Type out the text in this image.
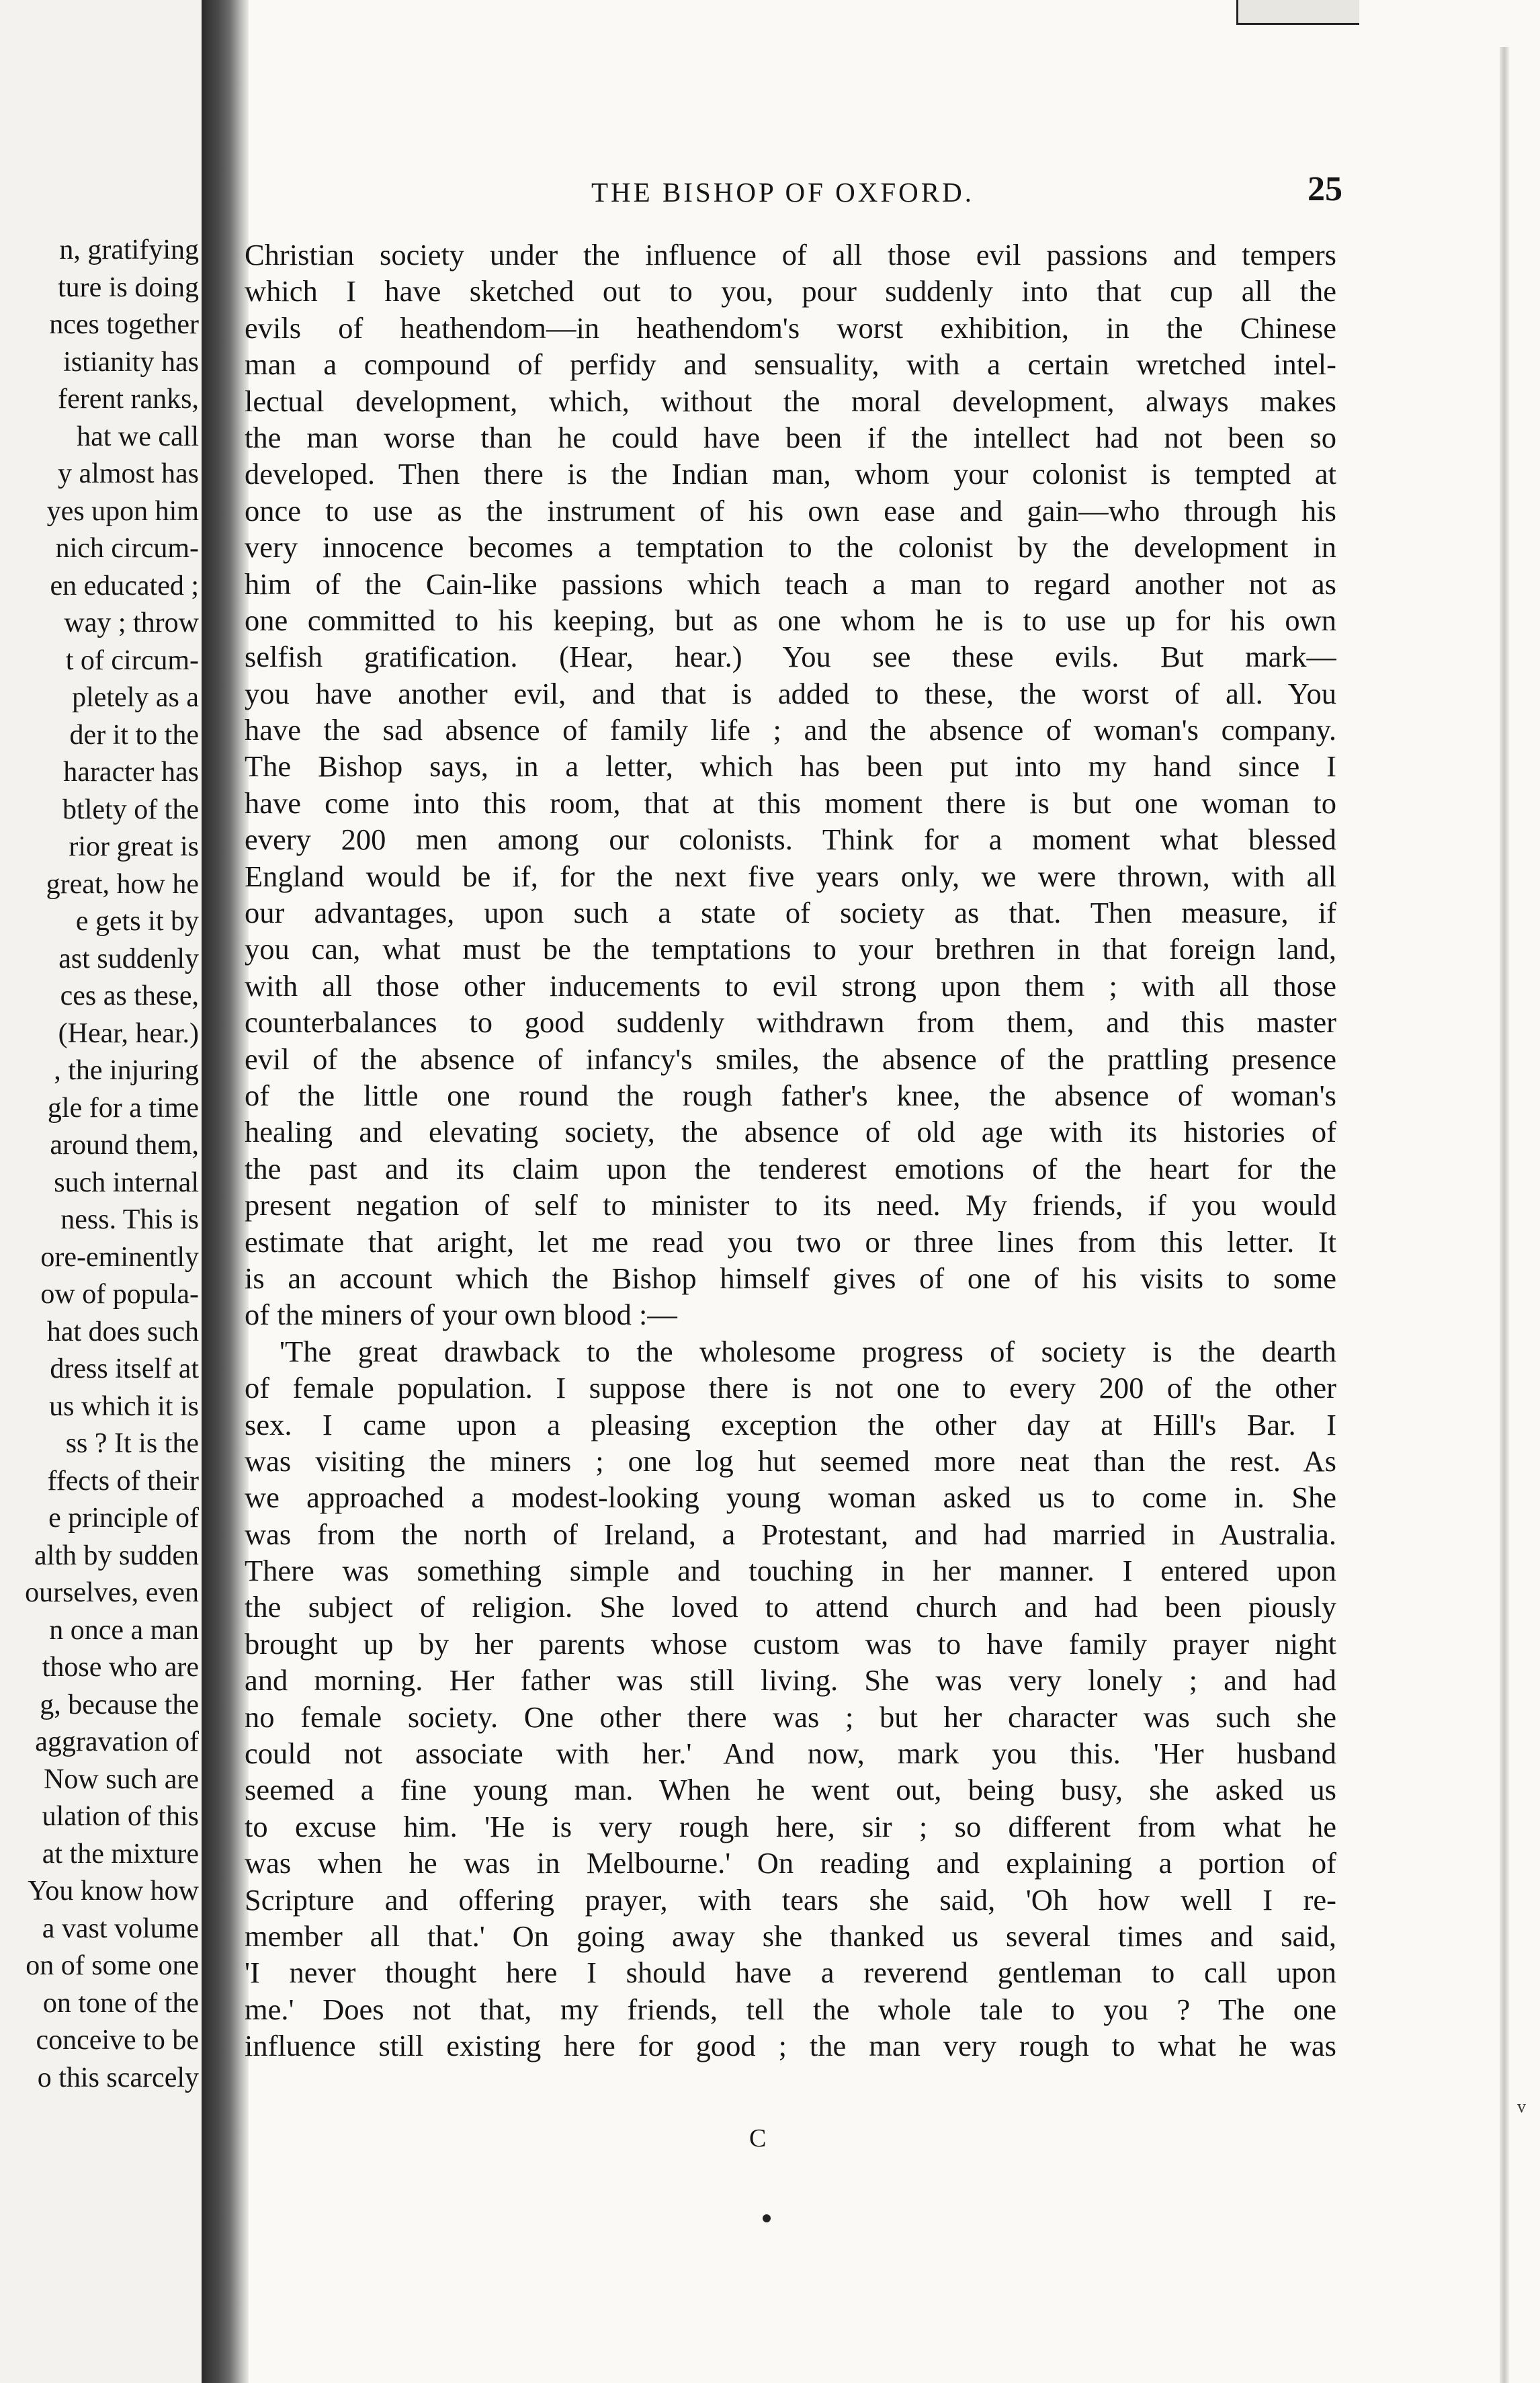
n, gratifying
ture is doing
nces together
istianity has
ferent ranks,
hat we call
y almost has
yes upon him
nich circum-
en educated ;
way ; throw
t of circum-
pletely as a
der it to the
haracter has
btlety of the
rior great is
great, how he
e gets it by
ast suddenly
ces as these,
(Hear, hear.)
, the injuring
gle for a time
around them,
such internal
ness. This is
ore-eminently
ow of popula-
hat does such
dress itself at
us which it is
ss ? It is the
ffects of their
e principle of
alth by sudden
ourselves, even
n once a man
those who are
g, because the
aggravation of
Now such are
ulation of this
at the mixture
You know how
a vast volume
on of some one
on tone of the
conceive to be
o this scarcely
THE BISHOP OF OXFORD.	25
Christian society under the influence of all those evil passions and tempers
which I have sketched out to you, pour suddenly into that cup all the
evils of heathendom—in heathendom's worst exhibition, in the Chinese
man a compound of perfidy and sensuality, with a certain wretched intel-
lectual development, which, without the moral development, always makes
the man worse than he could have been if the intellect had not been so
developed. Then there is the Indian man, whom your colonist is tempted at
once to use as the instrument of his own ease and gain—who through his
very innocence becomes a temptation to the colonist by the development in
him of the Cain-like passions which teach a man to regard another not as
one committed to his keeping, but as one whom he is to use up for his own
selfish gratification. (Hear, hear.) You see these evils. But mark—
you have another evil, and that is added to these, the worst of all. You
have the sad absence of family life ; and the absence of woman's company.
The Bishop says, in a letter, which has been put into my hand since I
have come into this room, that at this moment there is but one woman to
every 200 men among our colonists. Think for a moment what blessed
England would be if, for the next five years only, we were thrown, with all
our advantages, upon such a state of society as that. Then measure, if
you can, what must be the temptations to your brethren in that foreign land,
with all those other inducements to evil strong upon them ; with all those
counterbalances to good suddenly withdrawn from them, and this master
evil of the absence of infancy's smiles, the absence of the prattling presence
of the little one round the rough father's knee, the absence of woman's
healing and elevating society, the absence of old age with its histories of
the past and its claim upon the tenderest emotions of the heart for the
present negation of self to minister to its need. My friends, if you would
estimate that aright, let me read you two or three lines from this letter. It
is an account which the Bishop himself gives of one of his visits to some
of the miners of your own blood :—
'The great drawback to the wholesome progress of society is the dearth
of female population. I suppose there is not one to every 200 of the other
sex. I came upon a pleasing exception the other day at Hill's Bar. I
was visiting the miners ; one log hut seemed more neat than the rest. As
we approached a modest-looking young woman asked us to come in. She
was from the north of Ireland, a Protestant, and had married in Australia.
There was something simple and touching in her manner. I entered upon
the subject of religion. She loved to attend church and had been piously
brought up by her parents whose custom was to have family prayer night
and morning. Her father was still living. She was very lonely ; and had
no female society. One other there was ; but her character was such she
could not associate with her.' And now, mark you this. 'Her husband
seemed a fine young man. When he went out, being busy, she asked us
to excuse him. 'He is very rough here, sir ; so different from what he
was when he was in Melbourne.' On reading and explaining a portion of
Scripture and offering prayer, with tears she said, 'Oh how well I re-
member all that.' On going away she thanked us several times and said,
'I never thought here I should have a reverend gentleman to call upon
me.' Does not that, my friends, tell the whole tale to you ? The one
influence still existing here for good ; the man very rough to what he was
C
v
